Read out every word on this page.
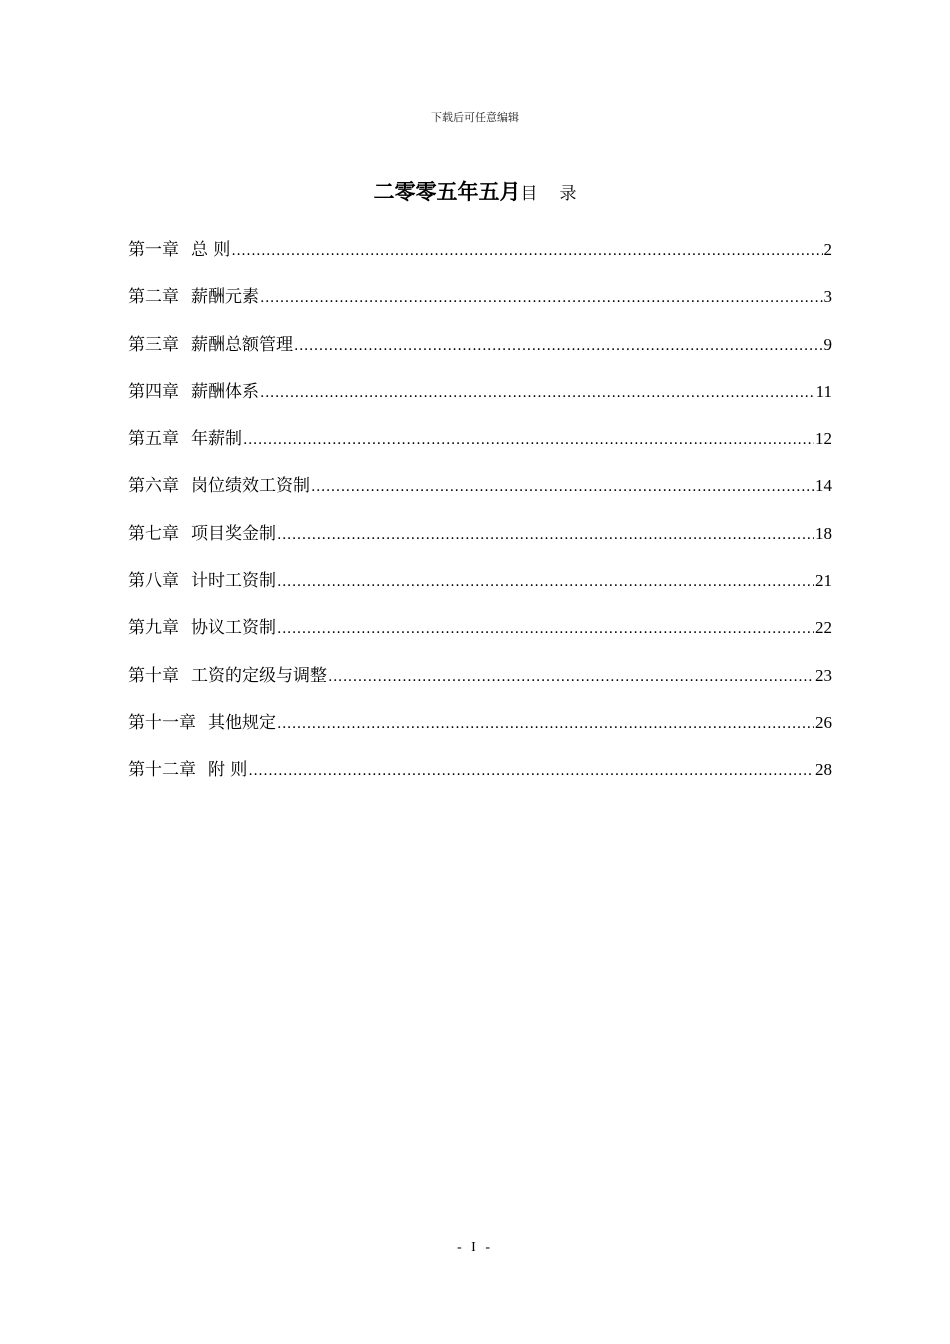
下载后可任意编辑
二零零五年五月目 录
第一章 总 则 .....	2
第二章 薪酬元素 .....	3
第三章 薪酬总额管理 .....	9
第四章 薪酬体系 .....	11
第五章 年薪制 .....	12
第六章 岗位绩效工资制 .....	14
第七章 项目奖金制 .....	18
第八章 计时工资制 .....	21
第九章 协议工资制 .....	22
第十章 工资的定级与调整 .....	23
第十一章 其他规定 .....	26
第十二章 附 则 .....	28
- I -
